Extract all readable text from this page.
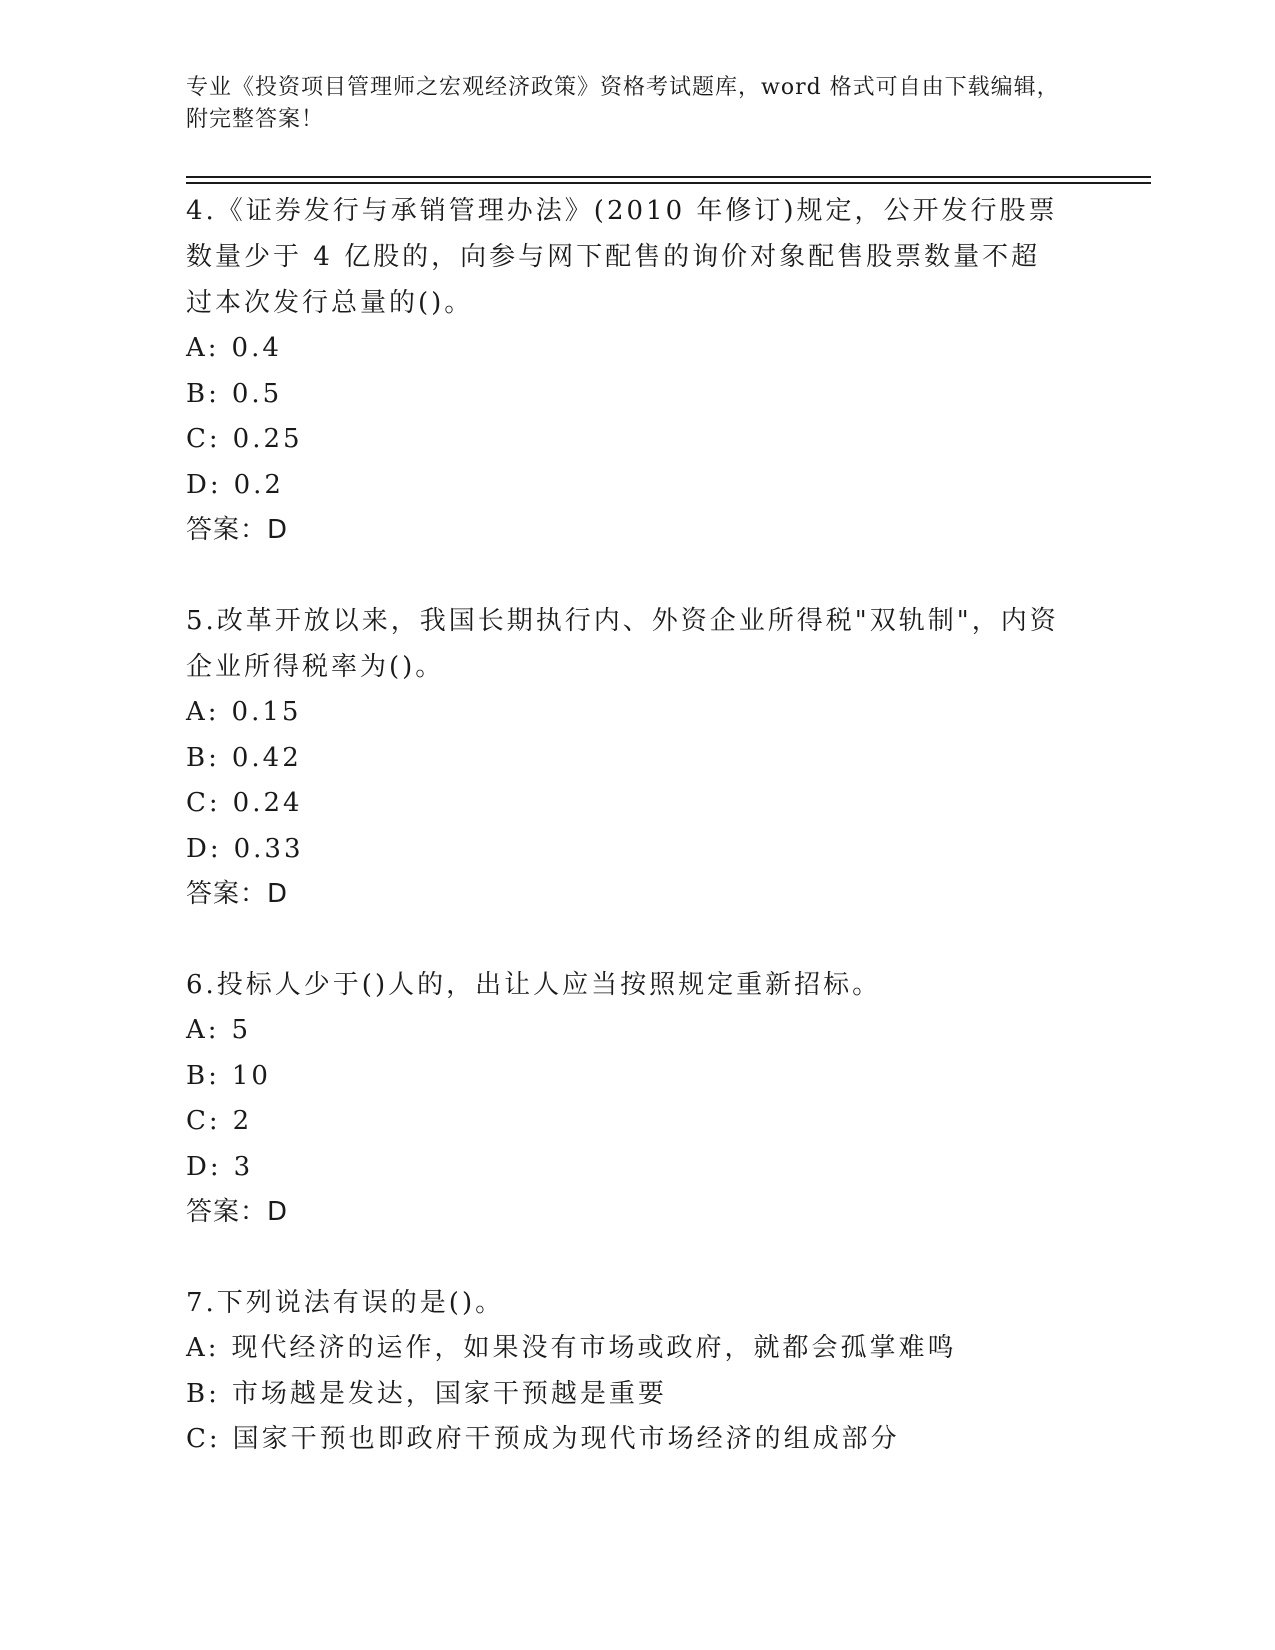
专业《投资项目管理师之宏观经济政策》资格考试题库，word 格式可自由下载编辑，附完整答案！
4.《证券发行与承销管理办法》(2010 年修订)规定，公开发行股票数量少于 4 亿股的，向参与网下配售的询价对象配售股票数量不超过本次发行总量的()。
A: 0.4
B: 0.5
C: 0.25
D: 0.2
答案：D
5.改革开放以来，我国长期执行内、外资企业所得税"双轨制"，内资企业所得税率为()。
A: 0.15
B: 0.42
C: 0.24
D: 0.33
答案：D
6.投标人少于()人的，出让人应当按照规定重新招标。
A: 5
B: 10
C: 2
D: 3
答案：D
7.下列说法有误的是()。
A: 现代经济的运作，如果没有市场或政府，就都会孤掌难鸣
B: 市场越是发达，国家干预越是重要
C: 国家干预也即政府干预成为现代市场经济的组成部分
